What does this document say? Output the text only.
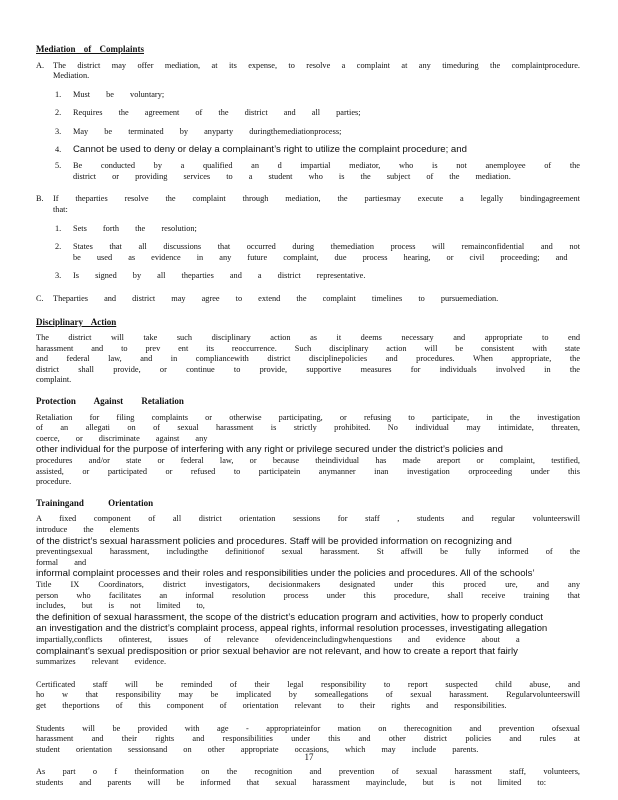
Mediation of Complaints
A. The district may offer mediation, at its expense, to resolve a complaint at any timeduring the complaintprocedure. Mediation.
1. Must be voluntary;
2. Requires the agreement of the district and all parties;
3. May be terminated by anyparty duringthemediationprocess;
4. Cannot be used to deny or delay a complainant’s right to utilize the complaint procedure; and
5. Be conducted by a qualified an d impartial mediator, who is not anemployee of the district or providing services to a student who is the subject of the mediation.
B. If theparties resolve the complaint through mediation, the partiesmay execute a legally bindingagreement that:
1. Sets forth the resolution;
2. States that all discussions that occurred during themediation process will remainconfidential and not be used as evidence in any future complaint, due process hearing, or civil proceeding; and
3. Is signed by all theparties and a district representative.
C. Theparties and district may agree to extend the complaint timelines to pursuemediation.
Disciplinary Action
The district will take such disciplinary action as it deems necessary and appropriate to end harassment and to prev ent its reoccurrence. Such disciplinary action will be consistent with state and federal law, and in compliancewith district disciplinepolicies and procedures. When appropriate, the district shall provide, or continue to provide, supportive measures for individuals involved in the complaint.
Protection Against Retaliation
Retaliation for filing complaints or otherwise participating, or refusing to participate, in the investigation of an allegati on of sexual harassment is strictly prohibited. No individual may intimidate, threaten, coerce, or discriminate against any
other individual for the purpose of interfering with any right or privilege secured under the district’s policies and
procedures and/or state or federal law, or because theindividual has made areport or complaint, testified, assisted, or participated or refused to participatein anymanner inan investigation orproceeding under this procedure.
Trainingand Orientation
A fixed component of all district orientation sessions for staff , students and regular volunteerswill introduce the elements
of the district’s sexual harassment policies and procedures. Staff will be provided information on recognizing and
preventingsexual harassment, includingthe definitionof sexual harassment. St affwill be fully informed of the formal and
informal complaint processes and their roles and responsibilities under the policies and procedures. All of the schools’
Title IX Coordinators, district investigators, decisionmakers designated under this proced ure, and any person who facilitates an informal resolution process under this procedure, shall receive training that includes, but is not limited to,
the definition of sexual harassment, the scope of the district’s education program and activities, how to properly conduct
an investigation and the district’s complaint process, appeal rights, informal resolution processes, investigating allegation
impartially,conflicts ofinterest, issues of relevance ofevidenceincludingwhenquestions and evidence about a
complainant’s sexual predisposition or prior sexual behavior are not relevant, and how to create a report that fairly
summarizes relevant evidence.
Certificated staff will be reminded of their legal responsibility to report suspected child abuse, and ho w that responsibility may be implicated by someallegations of sexual harassment. Regularvolunteerswill get theportions of this component of orientation relevant to their rights and responsibilities.
Students will be provided with age - appropriateinfor mation on therecognition and prevention ofsexual harassment and their rights and responsibilities under this and other district policies and rules at student orientation sessionsand on other appropriate occasions, which may include parents.
As part o f theinformation on the recognition and prevention of sexual harassment staff, volunteers, students and parents will be informed that sexual harassment mayinclude, but is not limited to:
17
